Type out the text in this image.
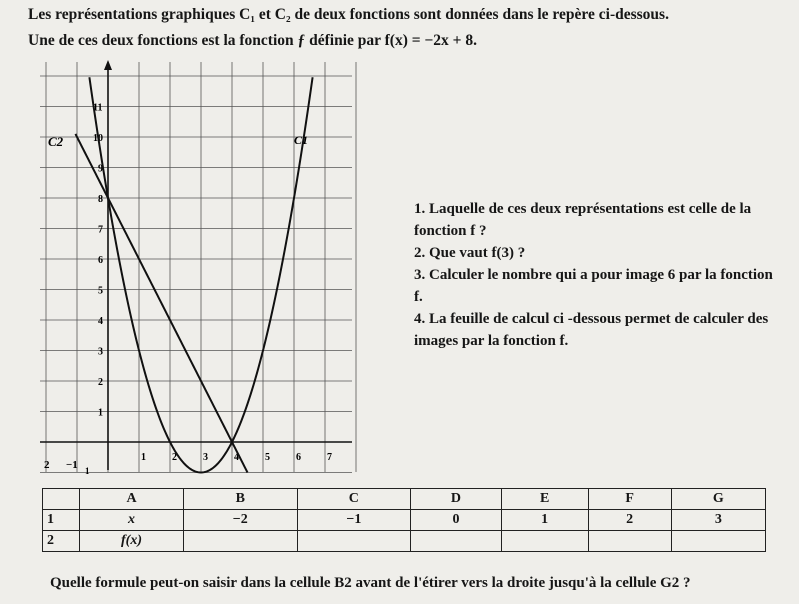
Les représentations graphiques C₁ et C₂ de deux fonctions sont données dans le repère ci-dessous.
Une de ces deux fonctions est la fonction ƒ définie par f(x) = −2x + 8.
1	2	3	4	5	6	7
1
2
3
4
5
6
7
8
9
10
11
2 −1 1
C2	C1

1. Laquelle de ces deux représentations est celle de la fonction f ?

2. Que vaut f(3) ?

3. Calculer le nombre qui a pour image 6 par la fonction f.

4. La feuille de calcul ci -dessous permet de calculer des images par la fonction f.

	A	B	C	D	E	F	G
1	x	−2	−1	0	1	2	3
2	f(x)						
Quelle formule peut-on saisir dans la cellule B2 avant de l'étirer vers la droite jusqu'à la cellule G2 ?
